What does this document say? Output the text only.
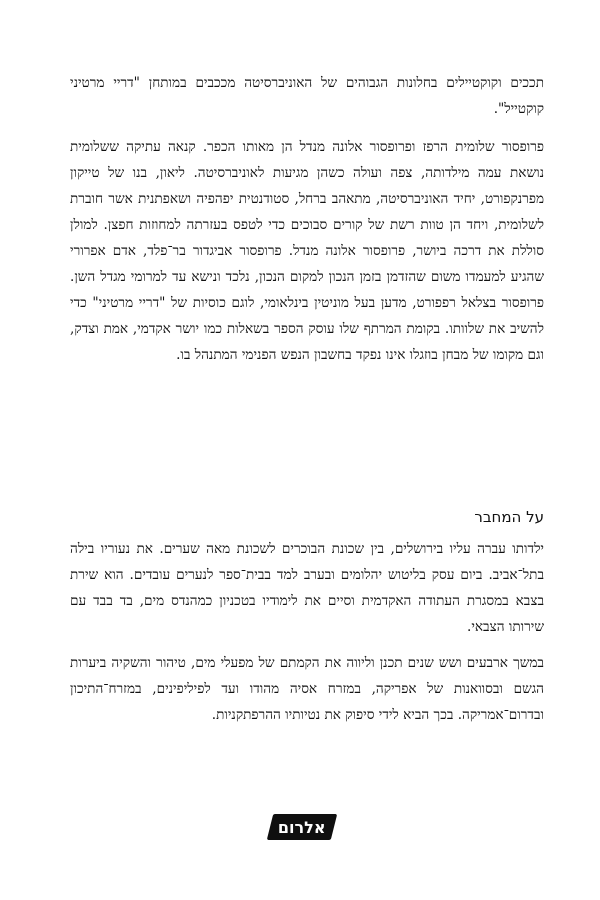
תככים וקוקטיילים בחלונות הגבוהים של האוניברסיטה מככבים במותחן "דריי מרטיני קוקטייל".

פרופסור שלומית הרפז ופרופסור אלונה מנדל הן מאותו הכפר. קנאה עתיקה ששלומית נושאת עמה מילדותה, צפה ועולה כשהן מגיעות לאוניברסיטה. ליאון, בנו של טייקון מפרנקפורט, יחיד האוניברסיטה, מתאהב ברחל, סטודנטית יפהפיה ושאפתנית אשר חוברת לשלומית, ויחד הן טוות רשת של קורים סבוכים כדי לטפס בעזרתה למחוזות חפצן. למולן סוללת את דרכה ביושר, פרופסור אלונה מנדל. פרופסור אביגדור בר־פלד, אדם אפרורי שהגיע למעמדו משום שהזדמן בזמן הנכון למקום הנכון, נלכד ונישא עד למרומי מגדל השן. פרופסור בצלאל רפפורט, מדען בעל מוניטין בינלאומי, לוגם כוסיות של "דריי מרטיני" כדי להשיב את שלוותו. בקומת המרתף שלו עוסק הספר בשאלות כמו יושר אקדמי, אמת וצדק, וגם מקומו של מבחן בוזגלו אינו נפקד בחשבון הנפש הפנימי המתנהל בו.

על המחבר

ילדותו עברה עליו בירושלים, בין שכונת הבוכרים לשכונת מאה שערים. את נעוריו בילה בתל־אביב. ביום עסק בליטוש יהלומים ובערב למד בבית־ספר לנערים עובדים. הוא שירת בצבא במסגרת העתודה האקדמית וסיים את לימודיו בטכניון כמהנדס מים, בד בבד עם שירותו הצבאי.

במשך ארבעים ושש שנים תכנן וליווה את הקמתם של מפעלי מים, טיהור והשקיה ביערות הגשם ובסוואנות של אפריקה, במזרח אסיה מהודו ועד לפיליפינים, במזרח־התיכון ובדרום־אמריקה. בכך הביא לידי סיפוק את נטיותיו ההרפתקניות.

אלרום
